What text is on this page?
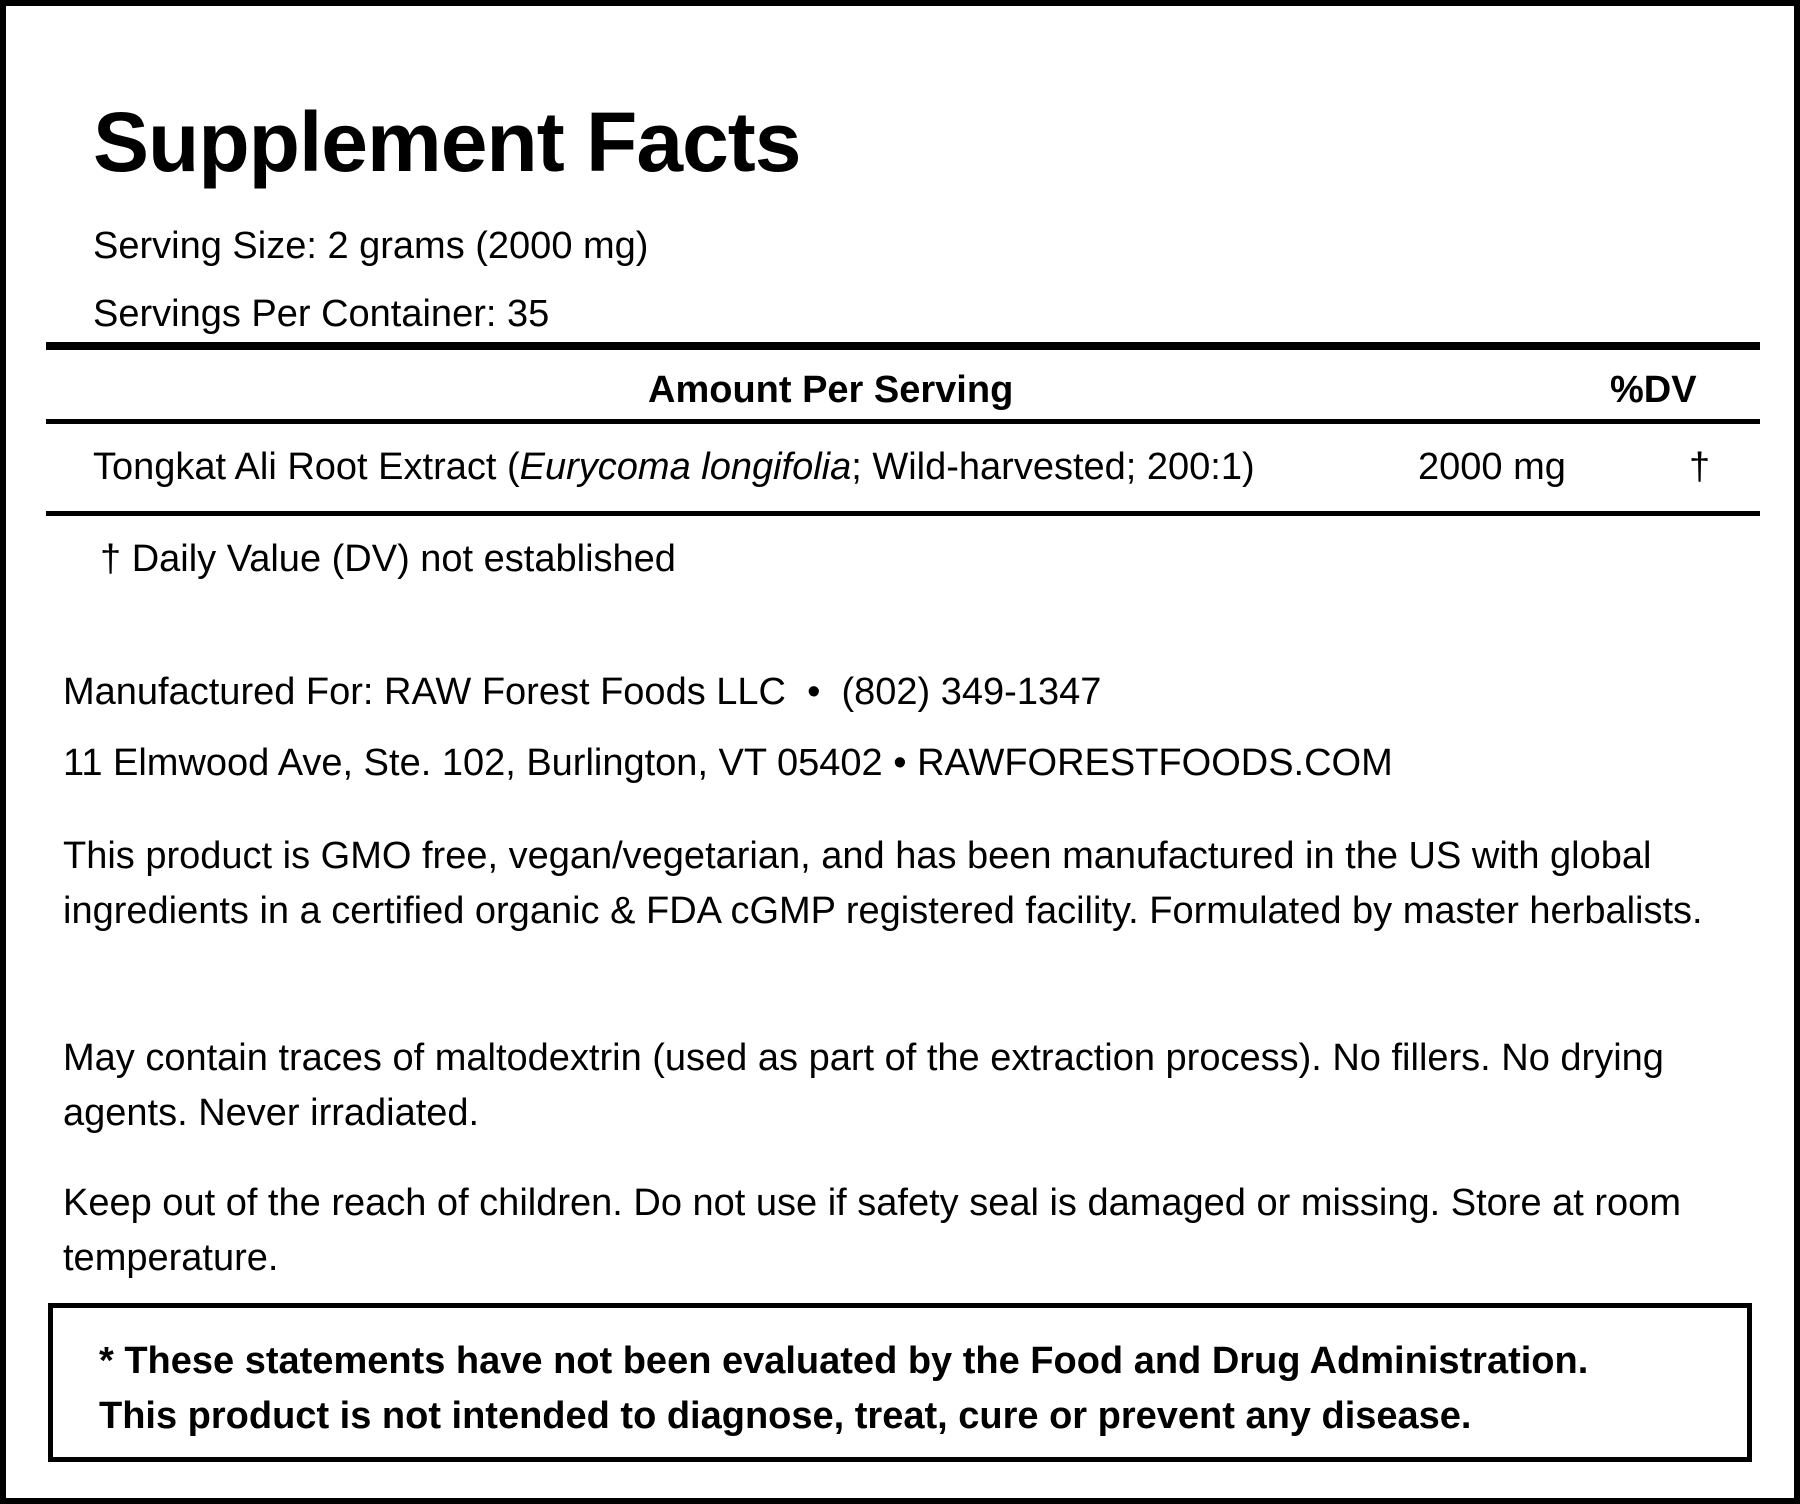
Supplement Facts

Serving Size: 2 grams (2000 mg)

Servings Per Container: 35

Amount Per Serving	%DV
Tongkat Ali Root Extract (Eurycoma longifolia; Wild-harvested; 200:1)	2000 mg	†

† Daily Value (DV) not established

Manufactured For: RAW Forest Foods LLC  •  (802) 349-1347

11 Elmwood Ave, Ste. 102, Burlington, VT 05402 • RAWFORESTFOODS.COM

This product is GMO free, vegan/vegetarian, and has been manufactured in the US with global ingredients in a certified organic & FDA cGMP registered facility. Formulated by master herbalists.

May contain traces of maltodextrin (used as part of the extraction process). No fillers. No drying agents. Never irradiated.

Keep out of the reach of children. Do not use if safety seal is damaged or missing. Store at room temperature.

* These statements have not been evaluated by the Food and Drug Administration.
This product is not intended to diagnose, treat, cure or prevent any disease.
